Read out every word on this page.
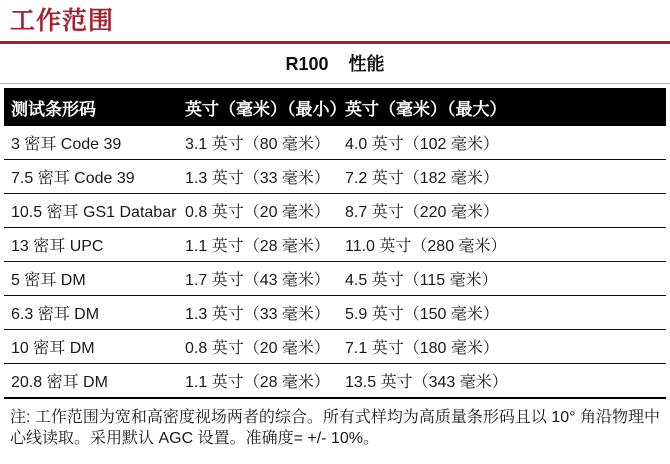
工作范围
R100 性能
测试条形码	英寸（毫米）（最小）	英寸（毫米）（最大）
3 密耳 Code 39	3.1 英寸（80 毫米）	4.0 英寸（102 毫米）
7.5 密耳 Code 39	1.3 英寸（33 毫米）	7.2 英寸（182 毫米）
10.5 密耳 GS1 Databar	0.8 英寸（20 毫米）	8.7 英寸（220 毫米）
13 密耳 UPC	1.1 英寸（28 毫米）	11.0 英寸（280 毫米）
5 密耳 DM	1.7 英寸（43 毫米）	4.5 英寸（115 毫米）
6.3 密耳 DM	1.3 英寸（33 毫米）	5.9 英寸（150 毫米）
10 密耳 DM	0.8 英寸（20 毫米）	7.1 英寸（180 毫米）
20.8 密耳 DM	1.1 英寸（28 毫米）	13.5 英寸（343 毫米）

注: 工作范围为宽和高密度视场两者的综合。所有式样均为高质量条形码且以 10° 角沿物理中心线读取。采用默认 AGC 设置。准确度= +/- 10%。
